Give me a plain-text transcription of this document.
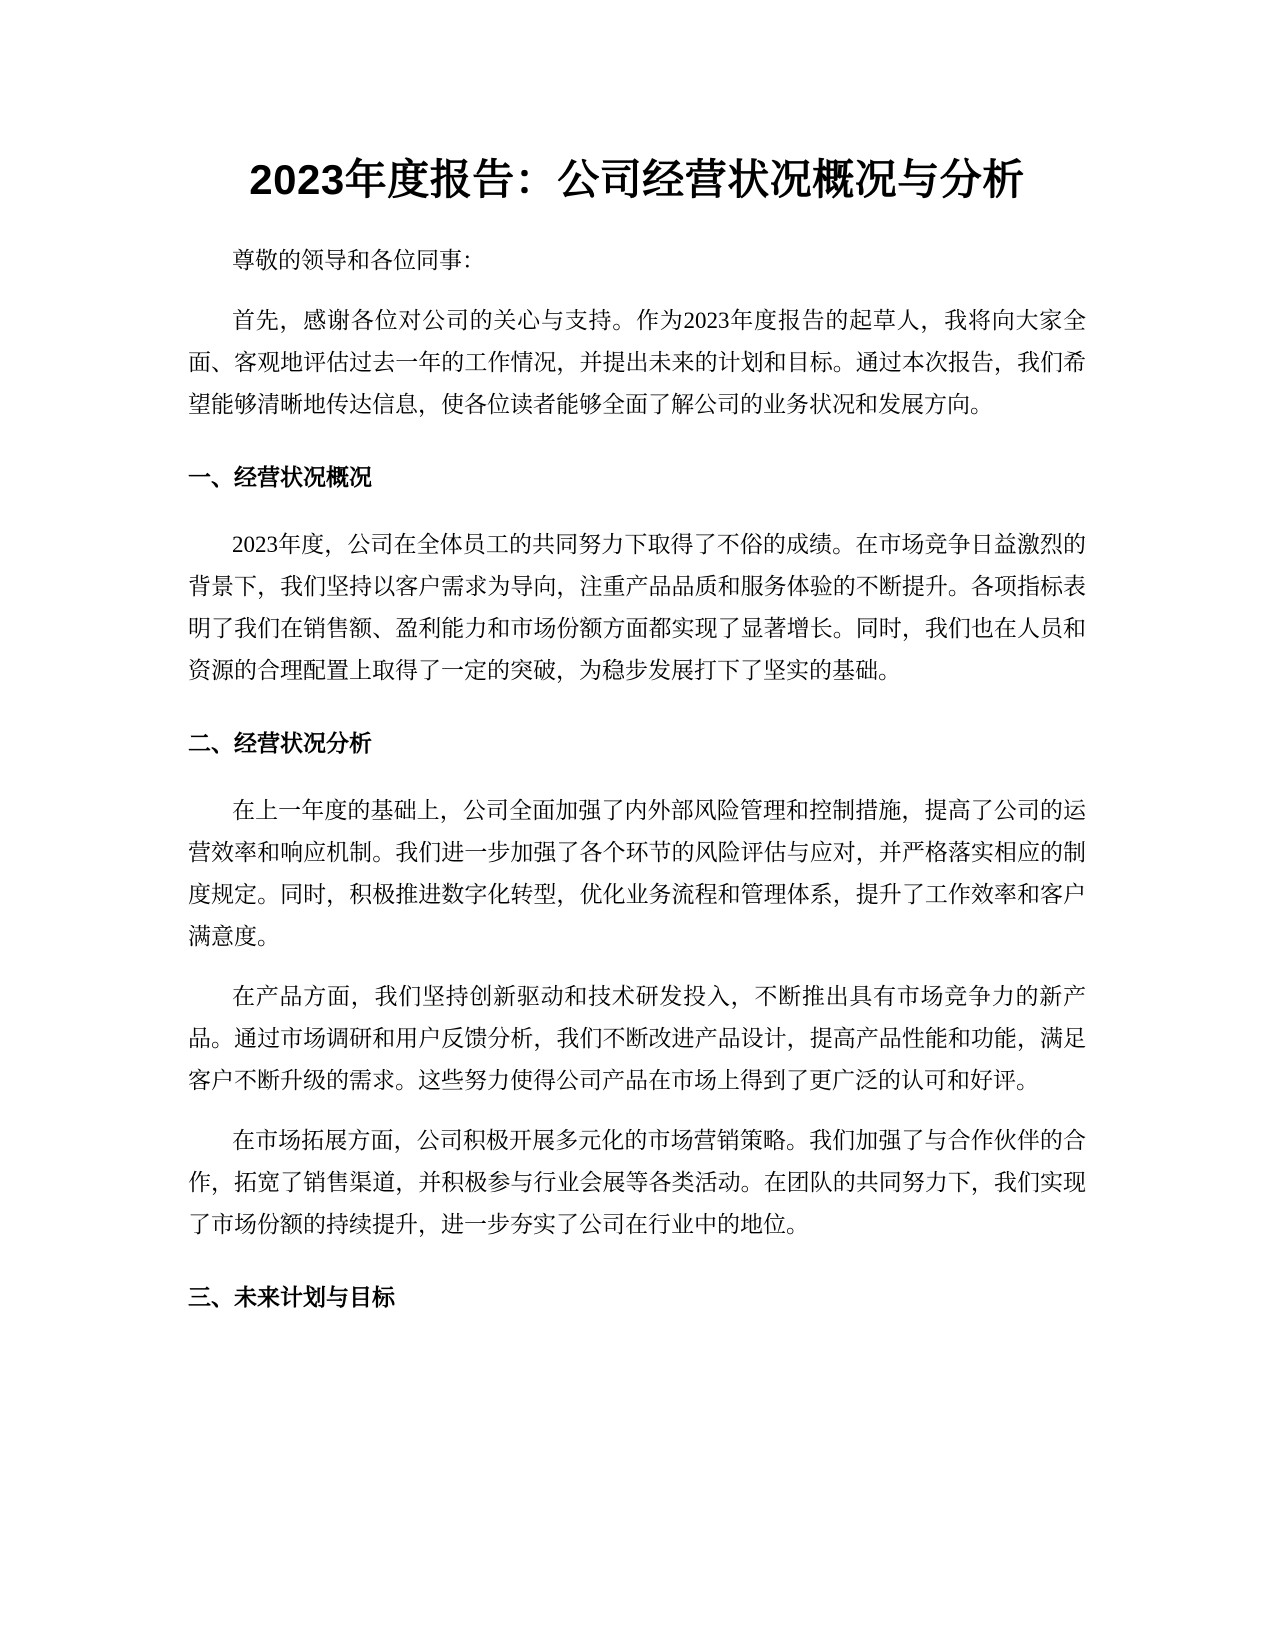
2023年度报告：公司经营状况概况与分析

尊敬的领导和各位同事：

首先，感谢各位对公司的关心与支持。作为2023年度报告的起草人，我将向大家全面、客观地评估过去一年的工作情况，并提出未来的计划和目标。通过本次报告，我们希望能够清晰地传达信息，使各位读者能够全面了解公司的业务状况和发展方向。

一、经营状况概况

2023年度，公司在全体员工的共同努力下取得了不俗的成绩。在市场竞争日益激烈的背景下，我们坚持以客户需求为导向，注重产品品质和服务体验的不断提升。各项指标表明了我们在销售额、盈利能力和市场份额方面都实现了显著增长。同时，我们也在人员和资源的合理配置上取得了一定的突破，为稳步发展打下了坚实的基础。

二、经营状况分析

在上一年度的基础上，公司全面加强了内外部风险管理和控制措施，提高了公司的运营效率和响应机制。我们进一步加强了各个环节的风险评估与应对，并严格落实相应的制度规定。同时，积极推进数字化转型，优化业务流程和管理体系，提升了工作效率和客户满意度。

在产品方面，我们坚持创新驱动和技术研发投入，不断推出具有市场竞争力的新产品。通过市场调研和用户反馈分析，我们不断改进产品设计，提高产品性能和功能，满足客户不断升级的需求。这些努力使得公司产品在市场上得到了更广泛的认可和好评。

在市场拓展方面，公司积极开展多元化的市场营销策略。我们加强了与合作伙伴的合作，拓宽了销售渠道，并积极参与行业会展等各类活动。在团队的共同努力下，我们实现了市场份额的持续提升，进一步夯实了公司在行业中的地位。

三、未来计划与目标
